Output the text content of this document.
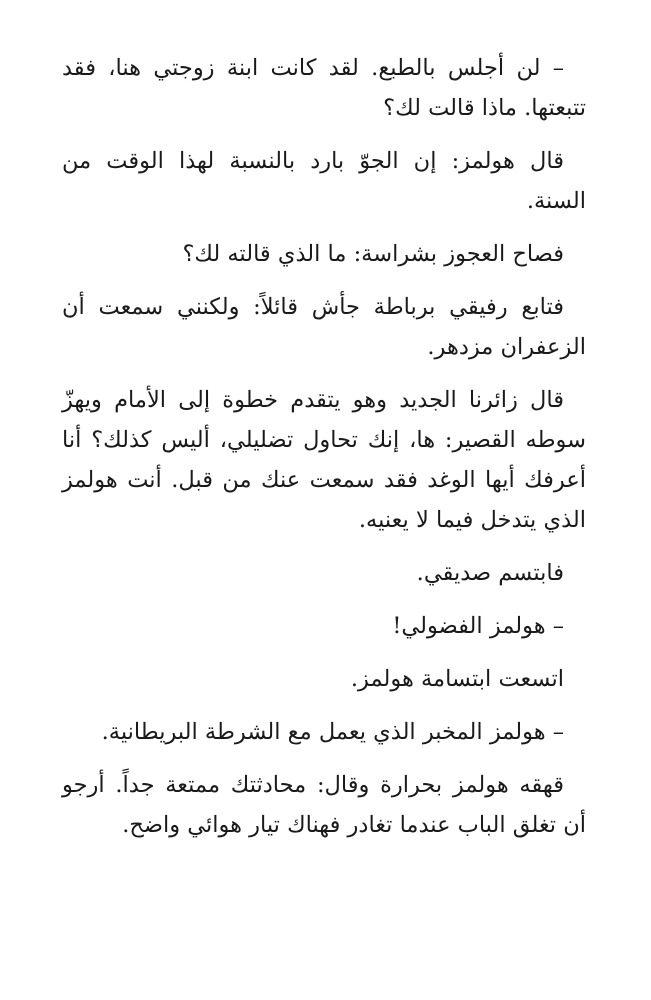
– لن أجلس بالطبع. لقد كانت ابنة زوجتي هنا، فقد تتبعتها. ماذا قالت لك؟

قال هولمز: إن الجوّ بارد بالنسبة لهذا الوقت من السنة.

فصاح العجوز بشراسة: ما الذي قالته لك؟

فتابع رفيقي برباطة جأش قائلاً: ولكنني سمعت أن الزعفران مزدهر.

قال زائرنا الجديد وهو يتقدم خطوة إلى الأمام ويهزّ سوطه القصير: ها، إنك تحاول تضليلي، أليس كذلك؟ أنا أعرفك أيها الوغد فقد سمعت عنك من قبل. أنت هولمز الذي يتدخل فيما لا يعنيه.

فابتسم صديقي.

– هولمز الفضولي!

اتسعت ابتسامة هولمز.

– هولمز المخبر الذي يعمل مع الشرطة البريطانية.

قهقه هولمز بحرارة وقال: محادثتك ممتعة جداً. أرجو أن تغلق الباب عندما تغادر فهناك تيار هوائي واضح.
